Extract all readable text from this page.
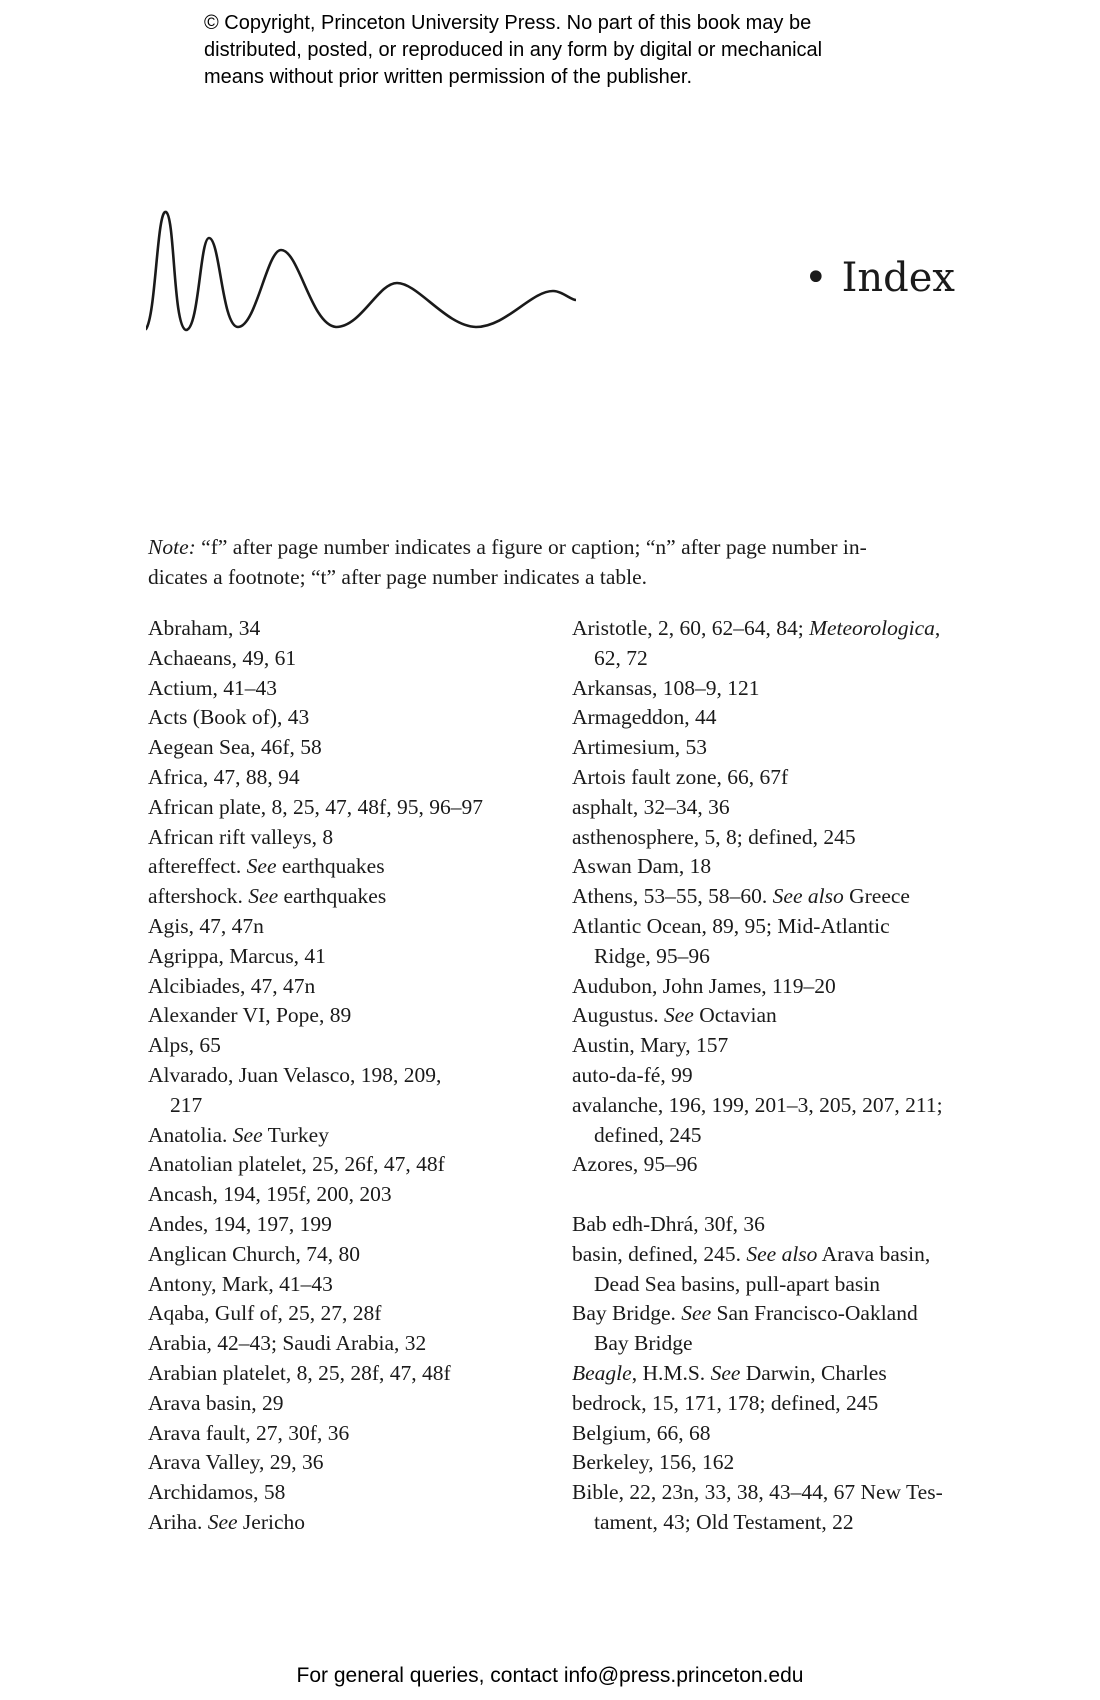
© Copyright, Princeton University Press. No part of this book may be
distributed, posted, or reproduced in any form by digital or mechanical
means without prior written permission of the publisher.
• Index
Note: “f” after page number indicates a figure or caption; “n” after page number in-
dicates a footnote; “t” after page number indicates a table.
Abraham, 34
Achaeans, 49, 61
Actium, 41–43
Acts (Book of), 43
Aegean Sea, 46f, 58
Africa, 47, 88, 94
African plate, 8, 25, 47, 48f, 95, 96–97
African rift valleys, 8
aftereffect. See earthquakes
aftershock. See earthquakes
Agis, 47, 47n
Agrippa, Marcus, 41
Alcibiades, 47, 47n
Alexander VI, Pope, 89
Alps, 65
Alvarado, Juan Velasco, 198, 209,
217
Anatolia. See Turkey
Anatolian platelet, 25, 26f, 47, 48f
Ancash, 194, 195f, 200, 203
Andes, 194, 197, 199
Anglican Church, 74, 80
Antony, Mark, 41–43
Aqaba, Gulf of, 25, 27, 28f
Arabia, 42–43; Saudi Arabia, 32
Arabian platelet, 8, 25, 28f, 47, 48f
Arava basin, 29
Arava fault, 27, 30f, 36
Arava Valley, 29, 36
Archidamos, 58
Ariha. See Jericho
Aristotle, 2, 60, 62–64, 84; Meteorologica,
62, 72
Arkansas, 108–9, 121
Armageddon, 44
Artimesium, 53
Artois fault zone, 66, 67f
asphalt, 32–34, 36
asthenosphere, 5, 8; defined, 245
Aswan Dam, 18
Athens, 53–55, 58–60. See also Greece
Atlantic Ocean, 89, 95; Mid-Atlantic
Ridge, 95–96
Audubon, John James, 119–20
Augustus. See Octavian
Austin, Mary, 157
auto-da-fé, 99
avalanche, 196, 199, 201–3, 205, 207, 211;
defined, 245
Azores, 95–96
Bab edh-Dhrá, 30f, 36
basin, defined, 245. See also Arava basin,
Dead Sea basins, pull-apart basin
Bay Bridge. See San Francisco-Oakland
Bay Bridge
Beagle, H.M.S. See Darwin, Charles
bedrock, 15, 171, 178; defined, 245
Belgium, 66, 68
Berkeley, 156, 162
Bible, 22, 23n, 33, 38, 43–44, 67 New Tes-
tament, 43; Old Testament, 22
For general queries, contact info@press.princeton.edu
